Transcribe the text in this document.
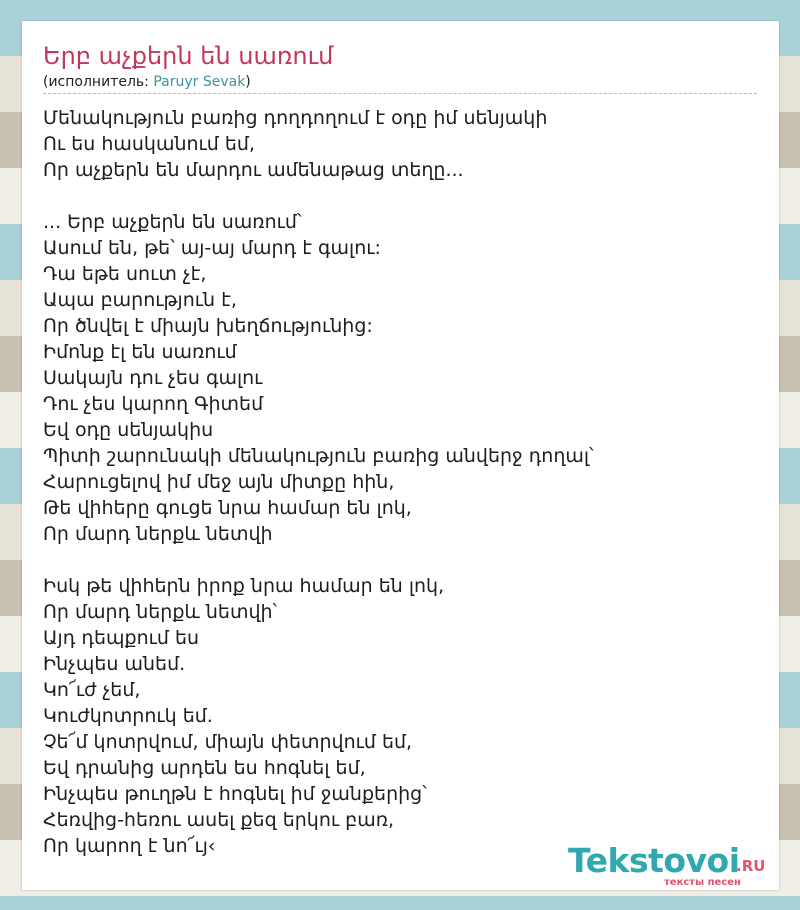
Երբ աչքերն են սառում
(исполнитель: Paruyr Sevak)
Մենակություն բառից դողդողում է օդը իմ սենյակի
Ու ես հասկանում եմ,
Որ աչքերն են մարդու ամենաթաց տեղը...
... Երբ աչքերն են սառում՝
Ասում են, թե՝ այ-այ մարդ է գալու:
Դա եթե սուտ չէ,
Ապա բարություն է,
Որ ծնվել է միայն խեղճությունից:
Իմոնք էլ են սառում
Սակայն դու չես գալու
Դու չես կարող Գիտեմ
Եվ օդը սենյակիս
Պիտի շարունակի մենակություն բառից անվերջ դողալ՝
Հարուցելով իմ մեջ այն միտքը հին,
Թե վիհերը գուցե նրա համար են լոկ,
Որ մարդ ներքև նետվի
Իսկ թե վիհերն իրոք նրա համար են լոկ,
Որ մարդ ներքև նետվի՝
Այդ դեպքում ես
Ինչպես անեմ.
Կո՜ւժ չեմ,
Կուժկոտրուկ եմ.
Չե՜մ կոտրվում, միայն փետրվում եմ,
Եվ դրանից արդեն ես հոգնել եմ,
Ինչպես թուղթն է հոգնել իմ ջանքերից՝
Հեռվից-հեռու ասել քեզ երկու բառ,
Որ կարող է նո՜ւյ‹	Tekstovoi
.RU
тексты песен
